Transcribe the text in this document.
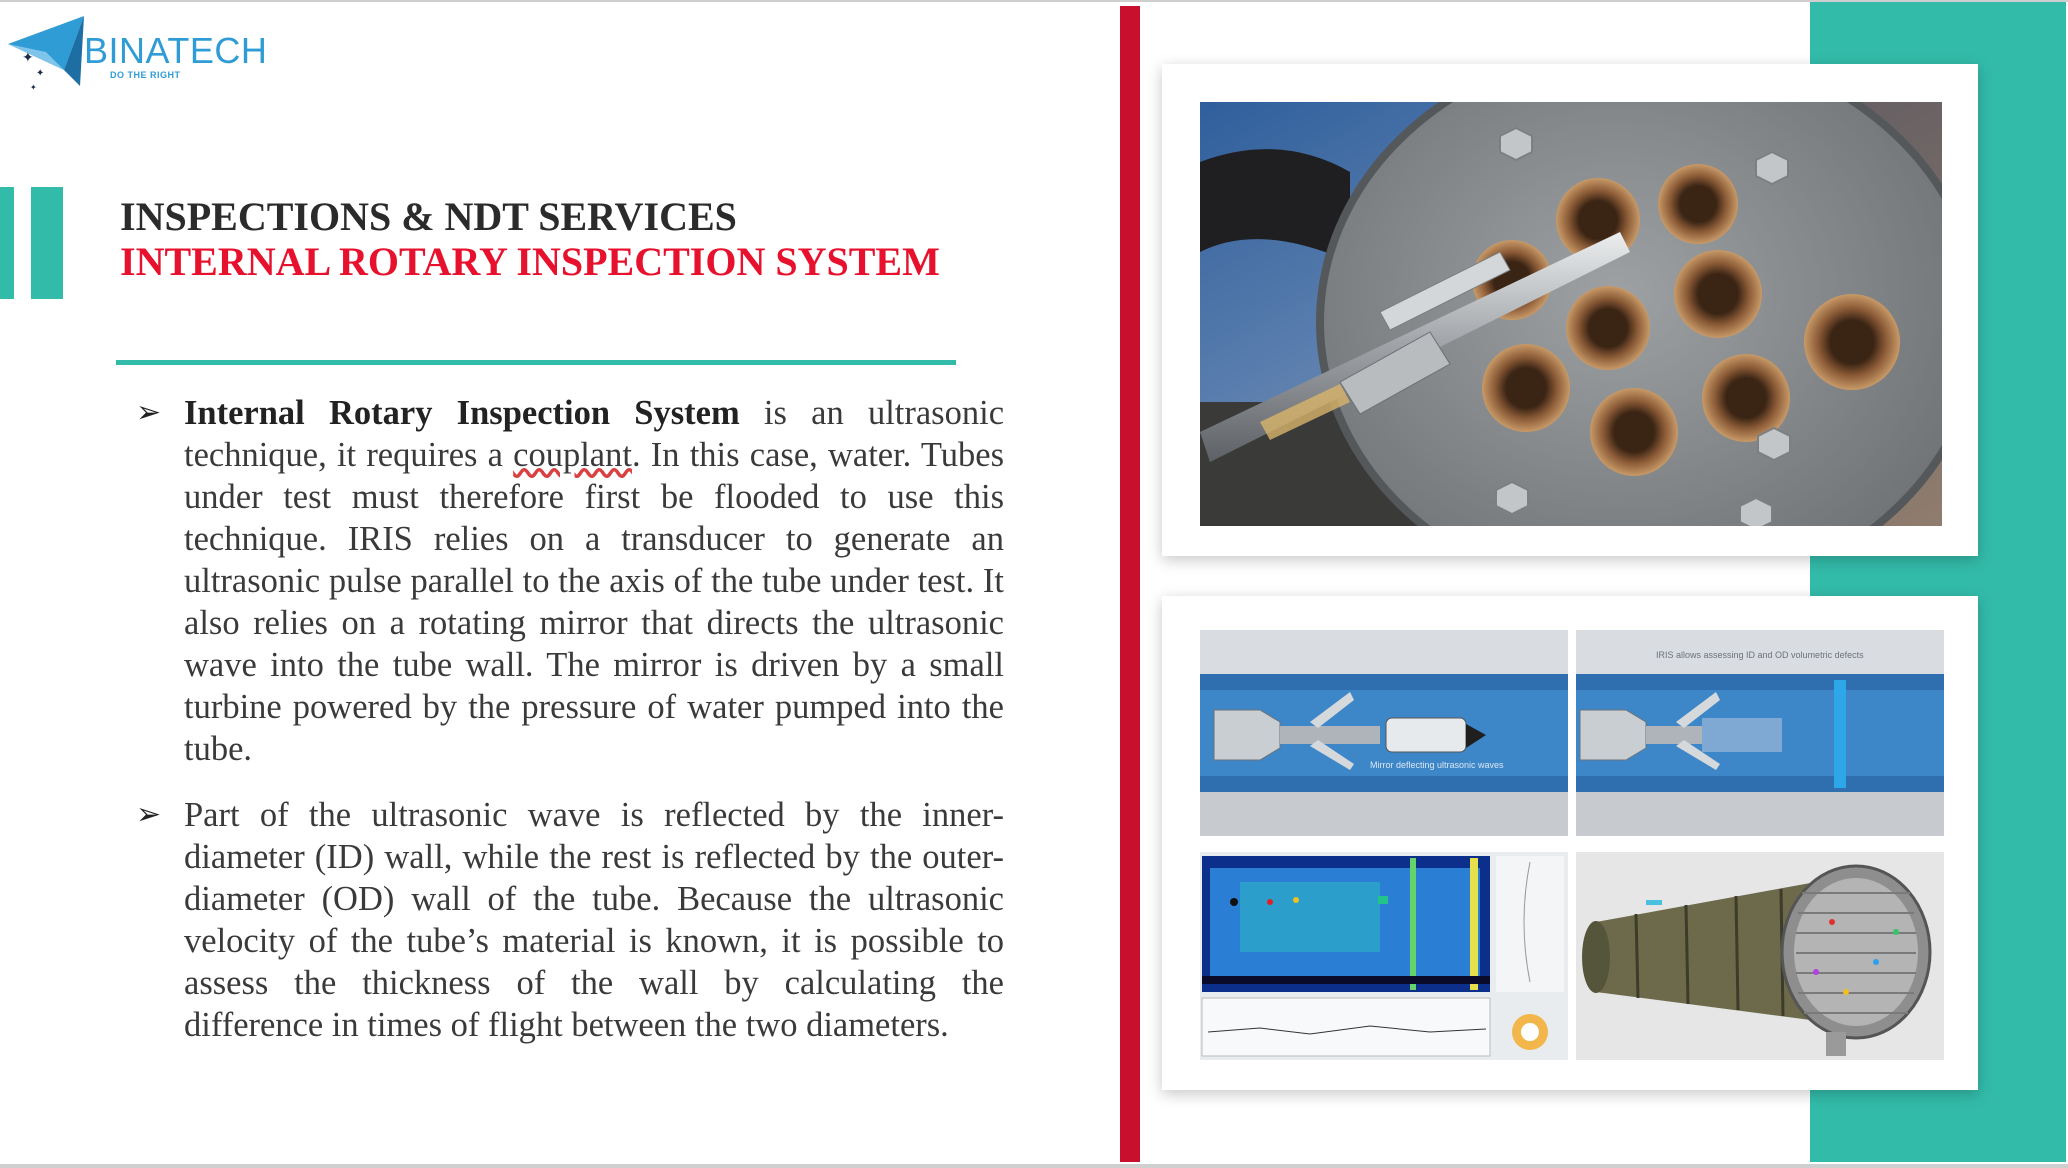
✦
✦
✦
BINATECH
DO THE RIGHT
INSPECTIONS & NDT SERVICES
INTERNAL ROTARY INSPECTION SYSTEM
➢ Internal Rotary Inspection System is an ultrasonic technique, it requires a couplant. In this case, water. Tubes under test must therefore first be flooded to use this technique. IRIS relies on a transducer to generate an ultrasonic pulse parallel to the axis of the tube under test. It also relies on a rotating mirror that directs the ultrasonic wave into the tube wall. The mirror is driven by a small turbine powered by the pressure of water pumped into the tube.
➢ Part of the ultrasonic wave is reflected by the inner-diameter (ID) wall, while the rest is reflected by the outer-diameter (OD) wall of the tube. Because the ultrasonic velocity of the tube’s material is known, it is possible to assess the thickness of the wall by calculating the difference in times of flight between the two diameters.
Mirror deflecting ultrasonic waves
IRIS allows assessing ID and OD volumetric defects
